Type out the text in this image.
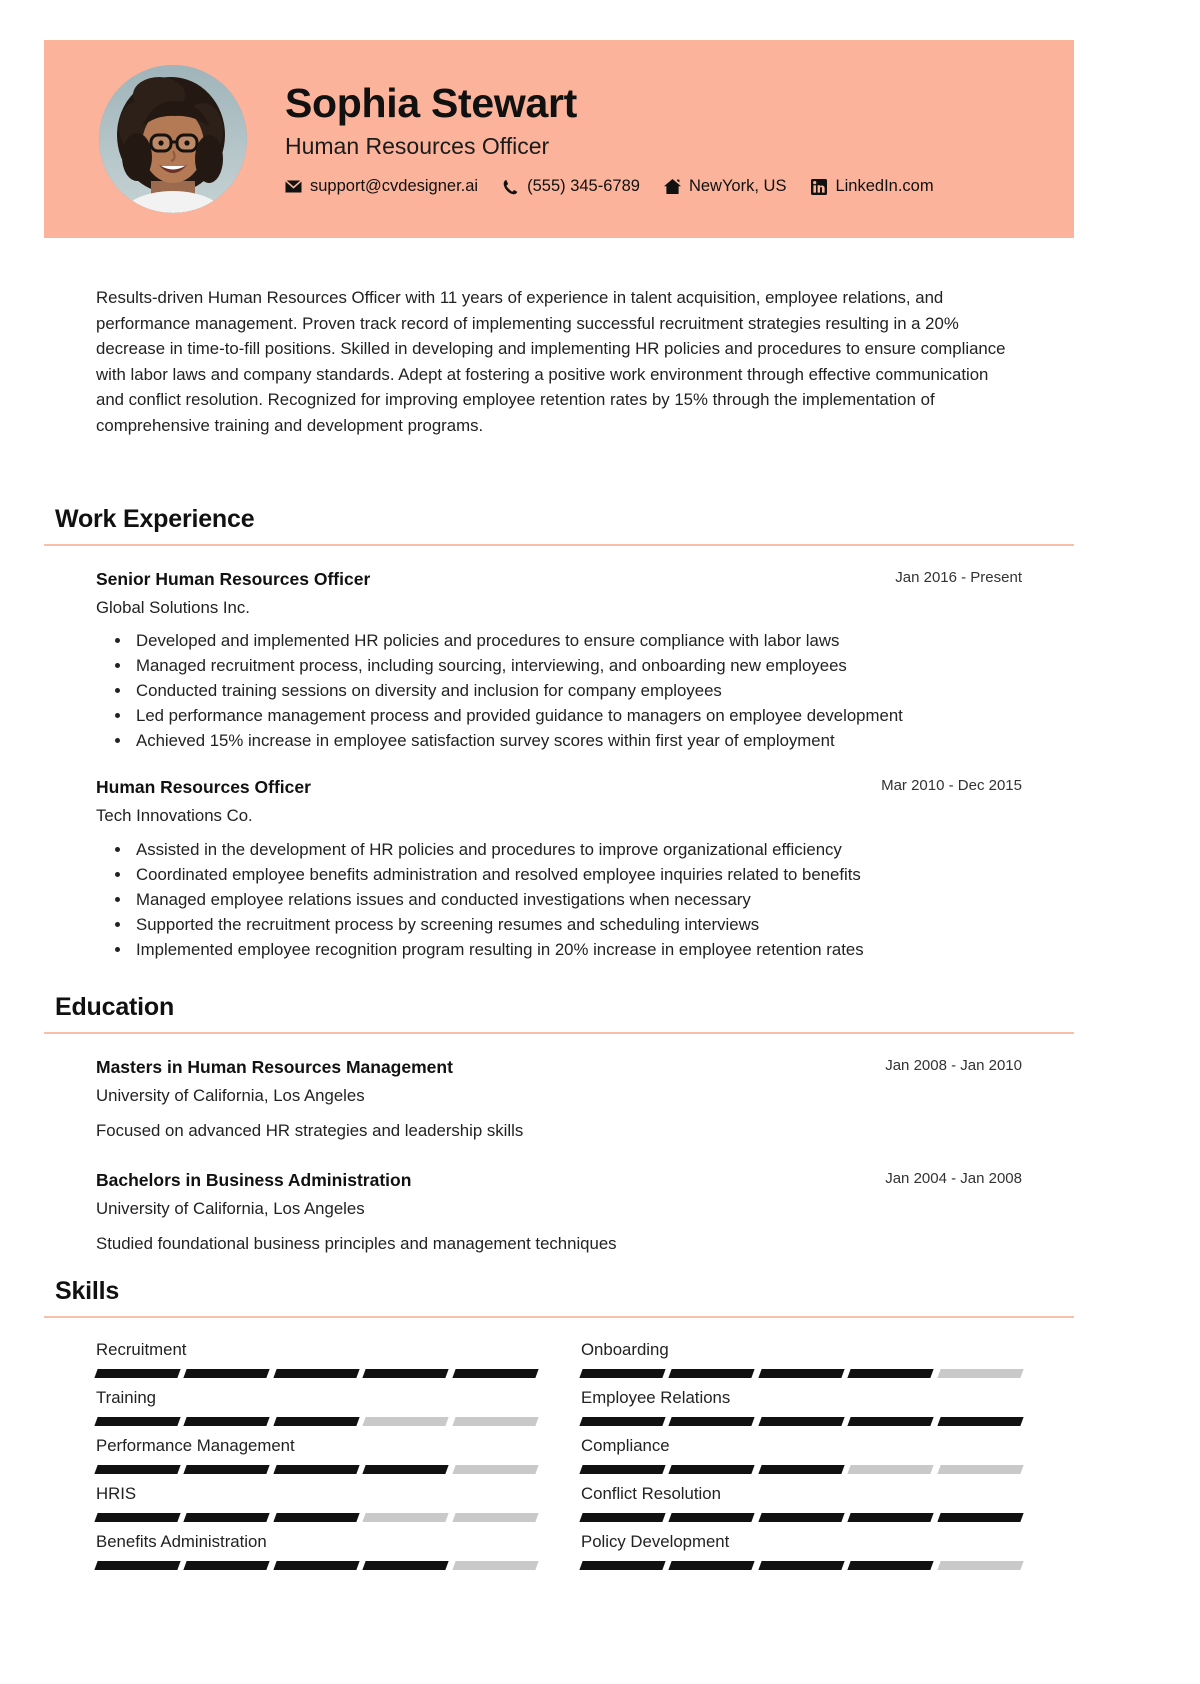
Sophia Stewart
Human Resources Officer
support@cvdesigner.ai	(555) 345-6789	NewYork, US	LinkedIn.com
Results-driven Human Resources Officer with 11 years of experience in talent acquisition, employee relations, and performance management. Proven track record of implementing successful recruitment strategies resulting in a 20% decrease in time-to-fill positions. Skilled in developing and implementing HR policies and procedures to ensure compliance with labor laws and company standards. Adept at fostering a positive work environment through effective communication and conflict resolution. Recognized for improving employee retention rates by 15% through the implementation of comprehensive training and development programs.
Work Experience
Senior Human Resources Officer	Jan 2016 - Present
Global Solutions Inc.
• Developed and implemented HR policies and procedures to ensure compliance with labor laws
• Managed recruitment process, including sourcing, interviewing, and onboarding new employees
• Conducted training sessions on diversity and inclusion for company employees
• Led performance management process and provided guidance to managers on employee development
• Achieved 15% increase in employee satisfaction survey scores within first year of employment
Human Resources Officer	Mar 2010 - Dec 2015
Tech Innovations Co.
• Assisted in the development of HR policies and procedures to improve organizational efficiency
• Coordinated employee benefits administration and resolved employee inquiries related to benefits
• Managed employee relations issues and conducted investigations when necessary
• Supported the recruitment process by screening resumes and scheduling interviews
• Implemented employee recognition program resulting in 20% increase in employee retention rates
Education
Masters in Human Resources Management	Jan 2008 - Jan 2010
University of California, Los Angeles
Focused on advanced HR strategies and leadership skills
Bachelors in Business Administration	Jan 2004 - Jan 2008
University of California, Los Angeles
Studied foundational business principles and management techniques
Skills
Recruitment	Onboarding
Training	Employee Relations
Performance Management	Compliance
HRIS	Conflict Resolution
Benefits Administration	Policy Development
